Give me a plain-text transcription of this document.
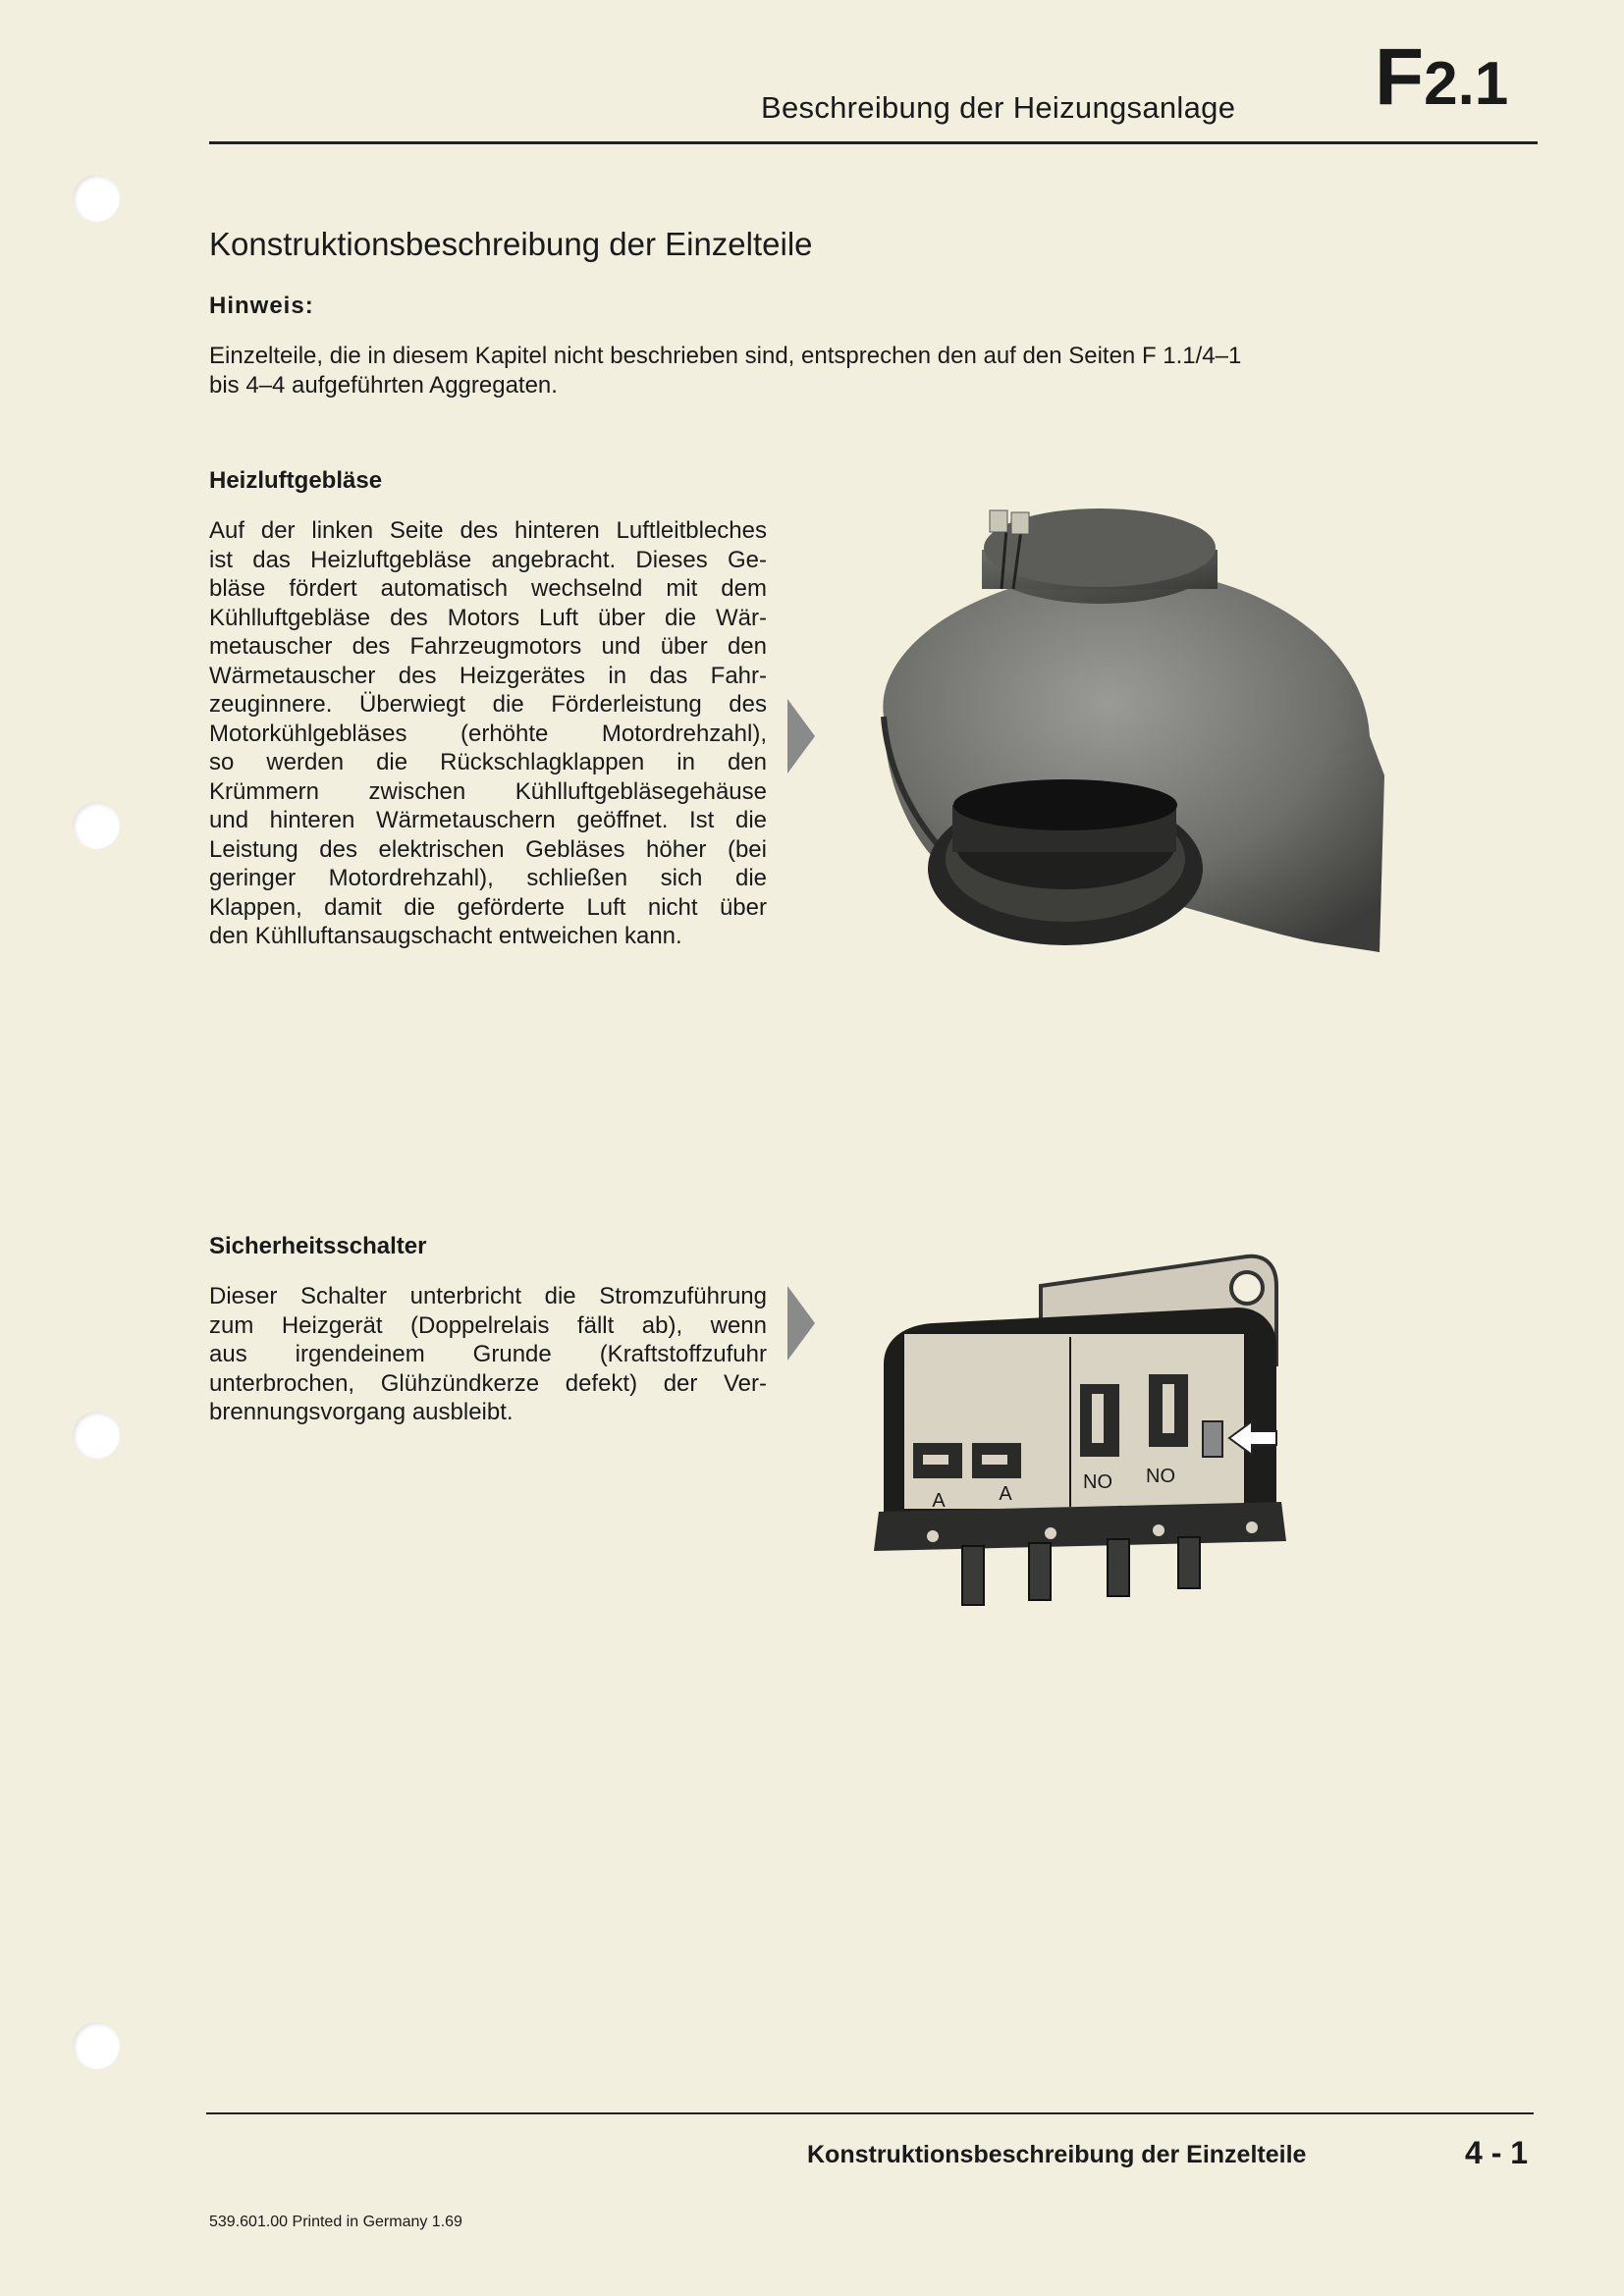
Beschreibung der Heizungsanlage F2.1
Konstruktionsbeschreibung der Einzelteile
Hinweis:
Einzelteile, die in diesem Kapitel nicht beschrieben sind, entsprechen den auf den Seiten F 1.1/4–1
bis 4–4 aufgeführten Aggregaten.
Heizluftgebläse
Auf der linken Seite des hinteren Luftleitbleches
ist das Heizluftgebläse angebracht. Dieses Ge-
bläse fördert automatisch wechselnd mit dem
Kühlluftgebläse des Motors Luft über die Wär-
metauscher des Fahrzeugmotors und über den
Wärmetauscher des Heizgerätes in das Fahr-
zeuginnere. Überwiegt die Förderleistung des
Motorkühlgebläses (erhöhte Motordrehzahl),
so werden die Rückschlagklappen in den
Krümmern zwischen Kühlluftgebläsegehäuse
und hinteren Wärmetauschern geöffnet. Ist die
Leistung des elektrischen Gebläses höher (bei
geringer Motordrehzahl), schließen sich die
Klappen, damit die geförderte Luft nicht über
den Kühlluftansaugschacht entweichen kann.
Sicherheitsschalter
Dieser Schalter unterbricht die Stromzuführung
zum Heizgerät (Doppelrelais fällt ab), wenn
aus irgendeinem Grunde (Kraftstoffzufuhr
unterbrochen, Glühzündkerze defekt) der Ver-
brennungsvorgang ausbleibt.
A	A
NO NO
Konstruktionsbeschreibung der Einzelteile	4 - 1
539.601.00 Printed in Germany 1.69
